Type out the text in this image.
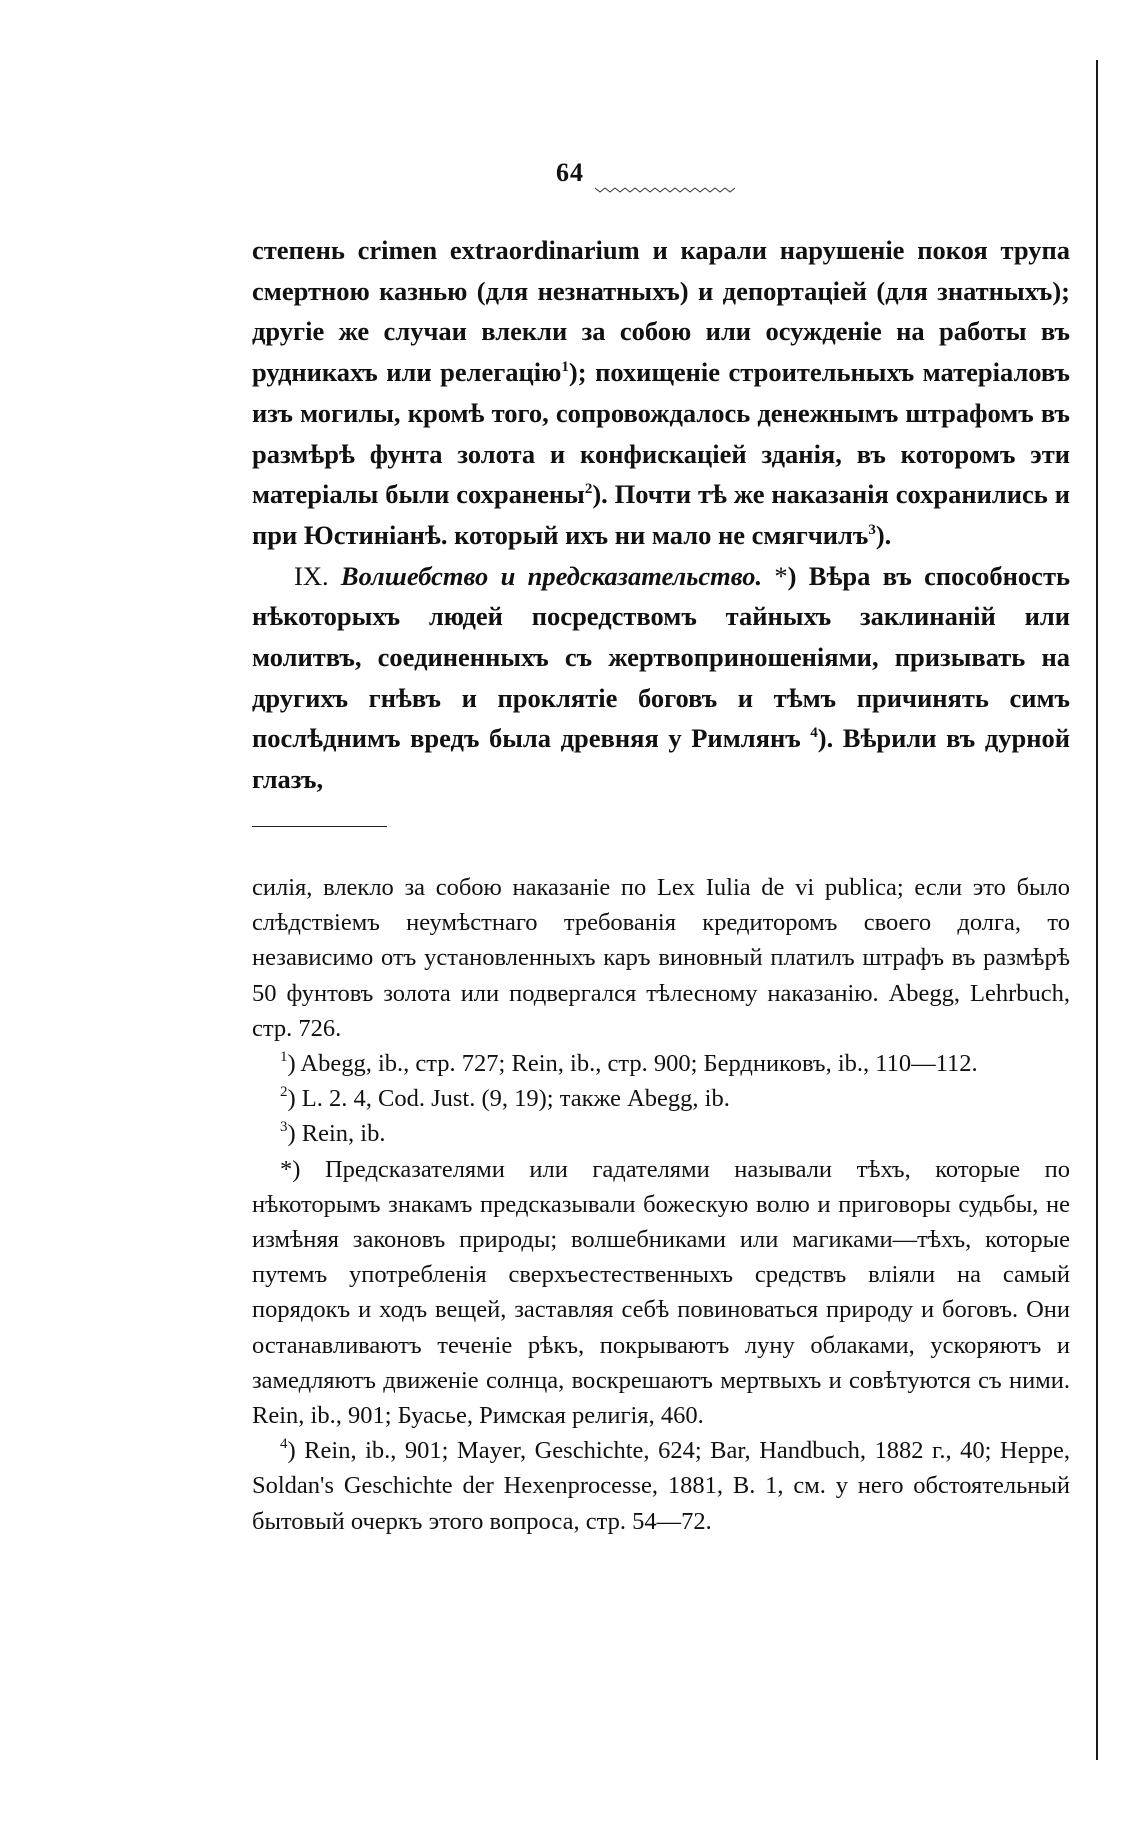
64

степень crimen extraordinarium и карали нарушеніе покоя трупа смертною казнью (для незнатныхъ) и депортаціей (для знатныхъ); другіе же случаи влекли за собою или осужденіе на работы въ рудникахъ или релегацію$^1$); похищеніе строительныхъ матеріаловъ изъ могилы, кромѣ того, сопровождалось денежнымъ штрафомъ въ размѣрѣ фунта золота и конфискаціей зданія, въ которомъ эти матеріалы были сохранены$^2$). Почти тѣ же наказанія сохранились и при Юстиніанѣ. который ихъ ни мало не смягчилъ$^3$).

IX. Волшебство и предсказательство. *) Вѣра въ способность нѣкоторыхъ людей посредствомъ тайныхъ заклинаній или молитвъ, соединенныхъ съ жертвоприношеніями, призывать на другихъ гнѣвъ и проклятіе боговъ и тѣмъ причинять симъ послѣднимъ вредъ была древняя у Римлянъ $^4$). Вѣрили въ дурной глазъ,

силія, влекло за собою наказаніе по Lex Iulia de vi publica; если это было слѣдствіемъ неумѣстнаго требованія кредиторомъ своего долга, то независимо отъ установленныхъ каръ виновный платилъ штрафъ въ размѣрѣ 50 фунтовъ золота или подвергался тѣлесному наказанію. Abegg, Lehrbuch, стр. 726.

$^1$) Abegg, ib., стр. 727; Rein, ib., стр. 900; Бердниковъ, ib., 110—112.

$^2$) L. 2. 4, Cod. Just. (9, 19); также Abegg, ib.

$^3$) Rein, ib.

*) Предсказателями или гадателями называли тѣхъ, которые по нѣкоторымъ знакамъ предсказывали божескую волю и приговоры судьбы, не измѣняя законовъ природы; волшебниками или магиками—тѣхъ, которые путемъ употребленія сверхъестественныхъ средствъ вліяли на самый порядокъ и ходъ вещей, заставляя себѣ повиноваться природу и боговъ. Они останавливаютъ теченіе рѣкъ, покрываютъ луну облаками, ускоряютъ и замедляютъ движеніе солнца, воскрешаютъ мертвыхъ и совѣтуются съ ними. Rein, ib., 901; Буасье, Римская религія, 460.

$^4$) Rein, ib., 901; Mayer, Geschichte, 624; Bar, Handbuch, 1882 г., 40; Heppe, Soldan's Geschichte der Hexenprocesse, 1881, B. 1, см. у него обстоятельный бытовый очеркъ этого вопроса, стр. 54—72.
